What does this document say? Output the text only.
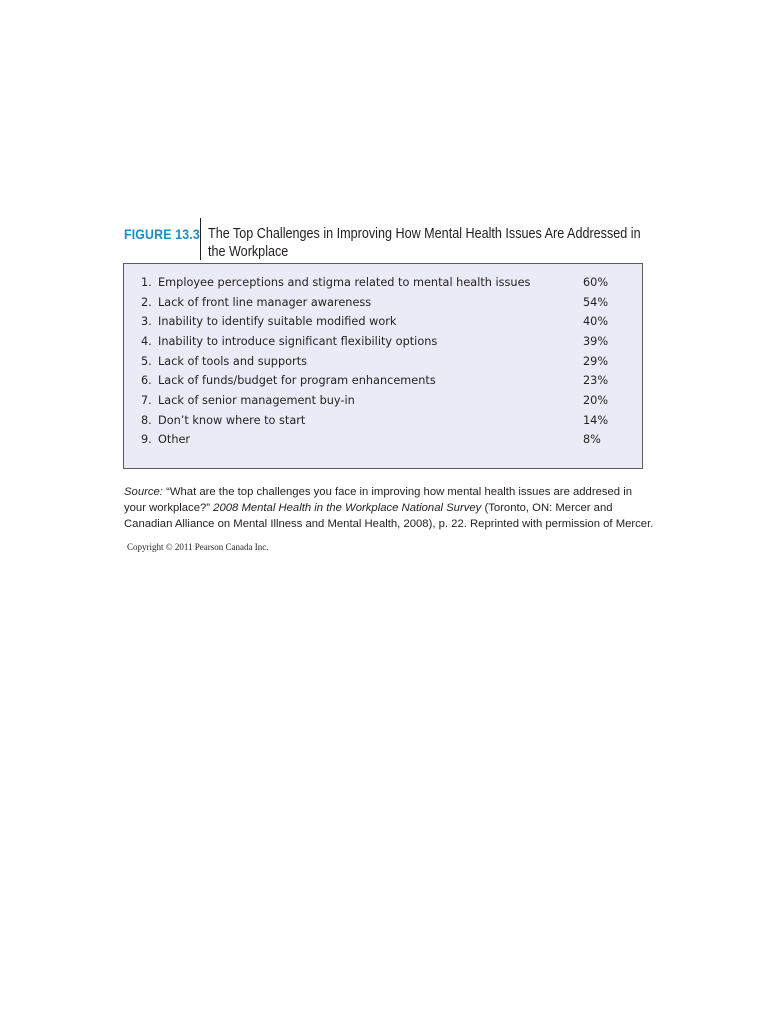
FIGURE 13.3 The Top Challenges in Improving How Mental Health Issues Are Addressed in the Workplace
1. Employee perceptions and stigma related to mental health issues	60%
2. Lack of front line manager awareness	54%
3. Inability to identify suitable modified work	40%
4. Inability to introduce significant flexibility options	39%
5. Lack of tools and supports	29%
6. Lack of funds/budget for program enhancements	23%
7. Lack of senior management buy-in	20%
8. Don’t know where to start	14%
9. Other	8%
Source: “What are the top challenges you face in improving how mental health issues are addresed in your workplace?” 2008 Mental Health in the Workplace National Survey (Toronto, ON: Mercer and Canadian Alliance on Mental Illness and Mental Health, 2008), p. 22. Reprinted with permission of Mercer.
Copyright © 2011 Pearson Canada Inc.
